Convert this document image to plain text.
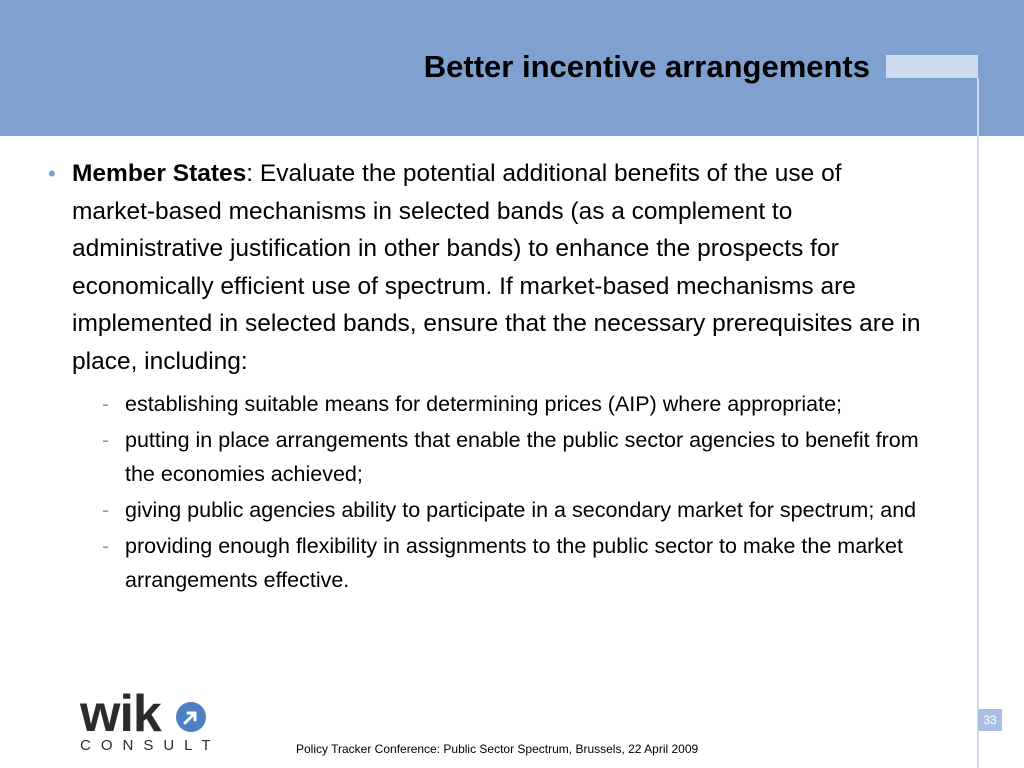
Better incentive arrangements
• Member States: Evaluate the potential additional benefits of the use of market-based mechanisms in selected bands (as a complement to administrative justification in other bands) to enhance the prospects for economically efficient use of spectrum. If market-based mechanisms are implemented in selected bands, ensure that the necessary prerequisites are in place, including:
- establishing suitable means for determining prices (AIP) where appropriate;
- putting in place arrangements that enable the public sector agencies to benefit from the economies achieved;
- giving public agencies ability to participate in a secondary market for spectrum; and
- providing enough flexibility in assignments to the public sector to make the market arrangements effective.
wik
CONSULT	Policy Tracker Conference: Public Sector Spectrum, Brussels, 22 April 2009
33
